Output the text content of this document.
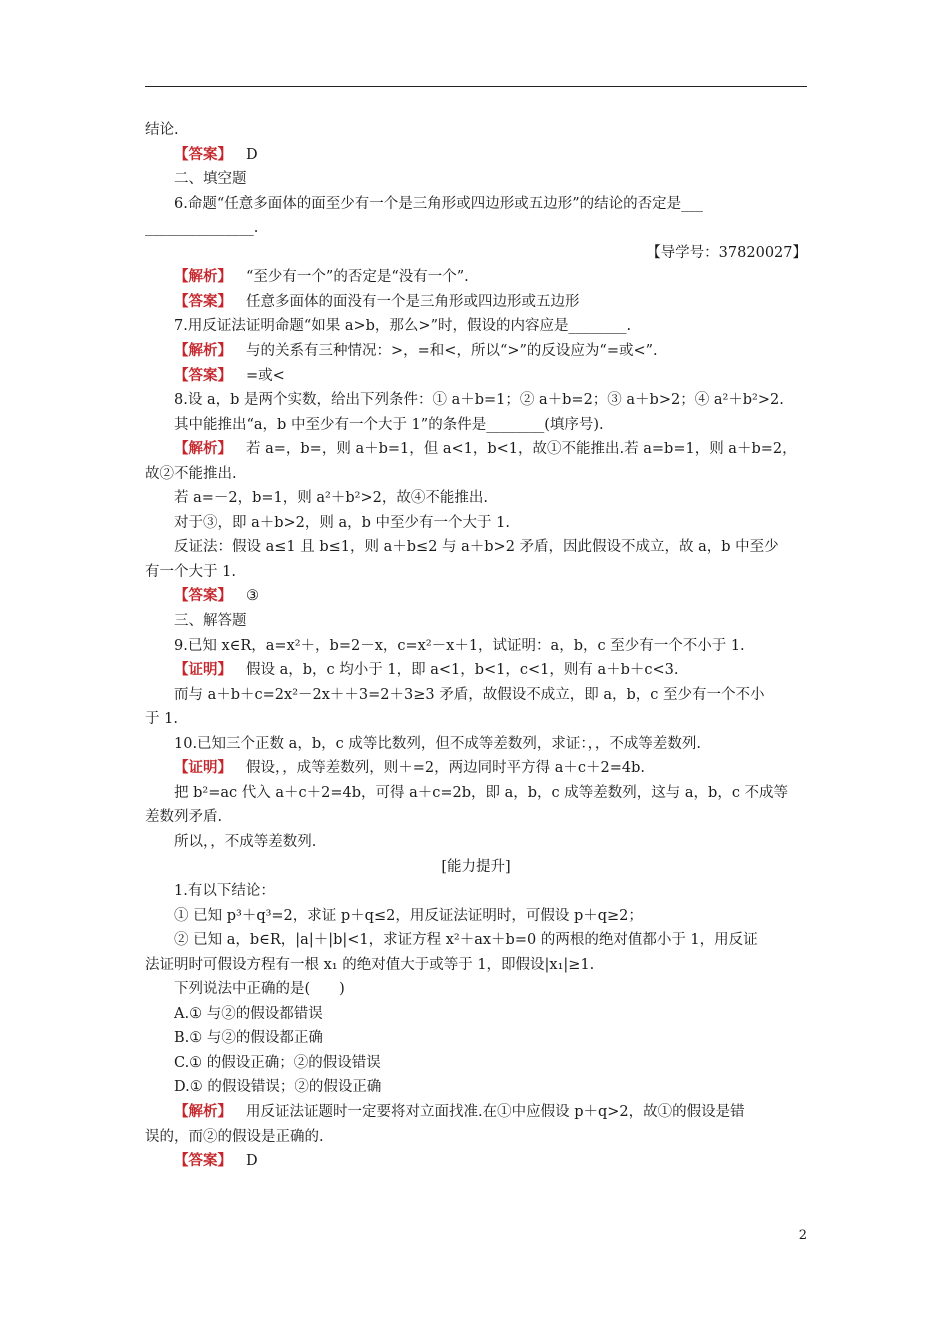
结论.
【答案】 D
二、填空题
6.命题“任意多面体的面至少有一个是三角形或四边形或五边形”的结论的否定是___
_______________.
【导学号：37820027】
【解析】 “至少有一个”的否定是“没有一个”.
【答案】 任意多面体的面没有一个是三角形或四边形或五边形
7.用反证法证明命题“如果 a>b，那么>”时，假设的内容应是________.
【解析】 与的关系有三种情况：>，=和<，所以“>”的反设应为“=或<”.
【答案】 =或<
8.设 a，b 是两个实数，给出下列条件：① a＋b=1；② a＋b=2；③ a＋b>2；④ a²＋b²>2.
其中能推出“a，b 中至少有一个大于 1”的条件是________(填序号).
【解析】 若 a=，b=，则 a＋b=1，但 a<1，b<1，故①不能推出.若 a=b=1，则 a＋b=2，
故②不能推出.
若 a=－2，b=1，则 a²＋b²>2，故④不能推出.
对于③，即 a＋b>2，则 a，b 中至少有一个大于 1.
反证法：假设 a≤1 且 b≤1，则 a＋b≤2 与 a＋b>2 矛盾，因此假设不成立，故 a，b 中至少
有一个大于 1.
【答案】 ③
三、解答题
9.已知 x∈R，a=x²＋，b=2－x，c=x²－x＋1，试证明：a，b，c 至少有一个不小于 1.
【证明】 假设 a，b，c 均小于 1，即 a<1，b<1，c<1，则有 a＋b＋c<3.
而与 a＋b＋c=2x²－2x＋＋3=2＋3≥3 矛盾，故假设不成立，即 a，b，c 至少有一个不小
于 1.
10.已知三个正数 a，b，c 成等比数列，但不成等差数列，求证：，，不成等差数列.
【证明】 假设，，成等差数列，则＋=2，两边同时平方得 a＋c＋2=4b.
把 b²=ac 代入 a＋c＋2=4b，可得 a＋c=2b，即 a，b，c 成等差数列，这与 a，b，c 不成等
差数列矛盾.
所以，，不成等差数列.
[能力提升]
1.有以下结论：
① 已知 p³＋q³=2，求证 p＋q≤2，用反证法证明时，可假设 p＋q≥2；
② 已知 a，b∈R，|a|＋|b|<1，求证方程 x²＋ax＋b=0 的两根的绝对值都小于 1，用反证
法证明时可假设方程有一根 x₁ 的绝对值大于或等于 1，即假设|x₁|≥1.
下列说法中正确的是(　　)
A.① 与②的假设都错误
B.① 与②的假设都正确
C.① 的假设正确；②的假设错误
D.① 的假设错误；②的假设正确
【解析】 用反证法证题时一定要将对立面找准.在①中应假设 p＋q>2，故①的假设是错
误的，而②的假设是正确的.
【答案】 D
2
